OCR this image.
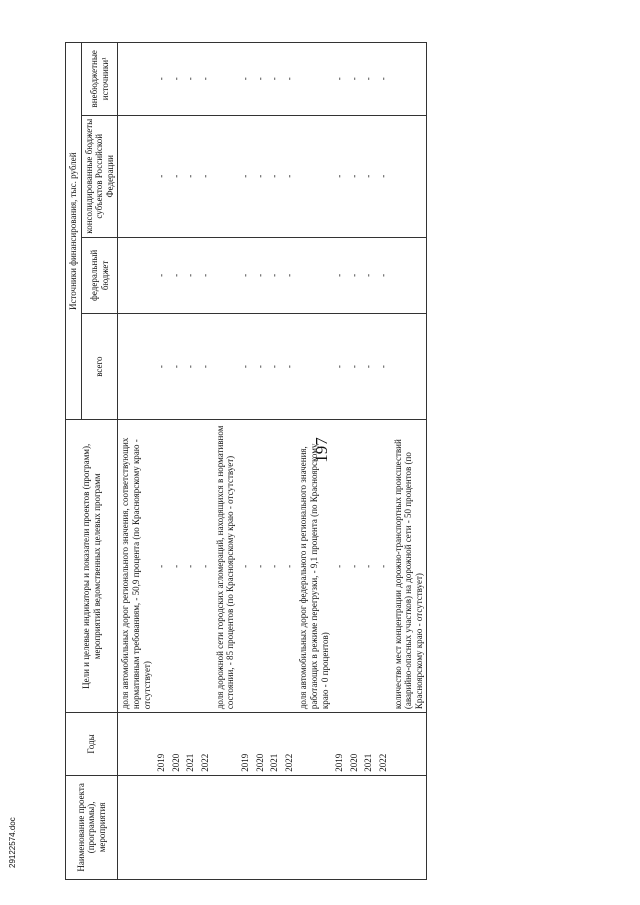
197
29122574.doc	Наименование проекта (программы), мероприятия	Годы	Цели и целевые индикаторы и показатели проектов (программ), мероприятий ведомственных целевых программ	Источники финансирования, тыс. рублей			
			всего	федеральный бюджет	консолидированные бюджеты субъектов Российской Федерации	внебюджетные источники¹
		доля автомобильных дорог регионального значения, соответствующих нормативным требованиям, - 50,9 процента (по Красноярскому краю - отсутствует)				
	2019	-	-	-	-	-
	2020	-	-	-	-	-
	2021	-	-	-	-	-
	2022	-	-	-	-	-
		доля дорожной сети городских агломераций, находящихся в нормативном состоянии, - 85 процентов (по Красноярскому краю - отсутствует)				
	2019	-	-	-	-	-
	2020	-	-	-	-	-
	2021	-	-	-	-	-
	2022	-	-	-	-	-
		доля автомобильных дорог федерального и регионального значения, работающих в режиме перегрузки, - 9,1 процента (по Красноярскому краю - 0 процентов)				
	2019	-	-	-	-	-
	2020	-	-	-	-	-
	2021	-	-	-	-	-
	2022	-	-	-	-	-
		количество мест концентрации дорожно-транспортных происшествий (аварийно-опасных участков) на дорожной сети - 50 процентов (по Красноярскому краю - отсутствует)				
